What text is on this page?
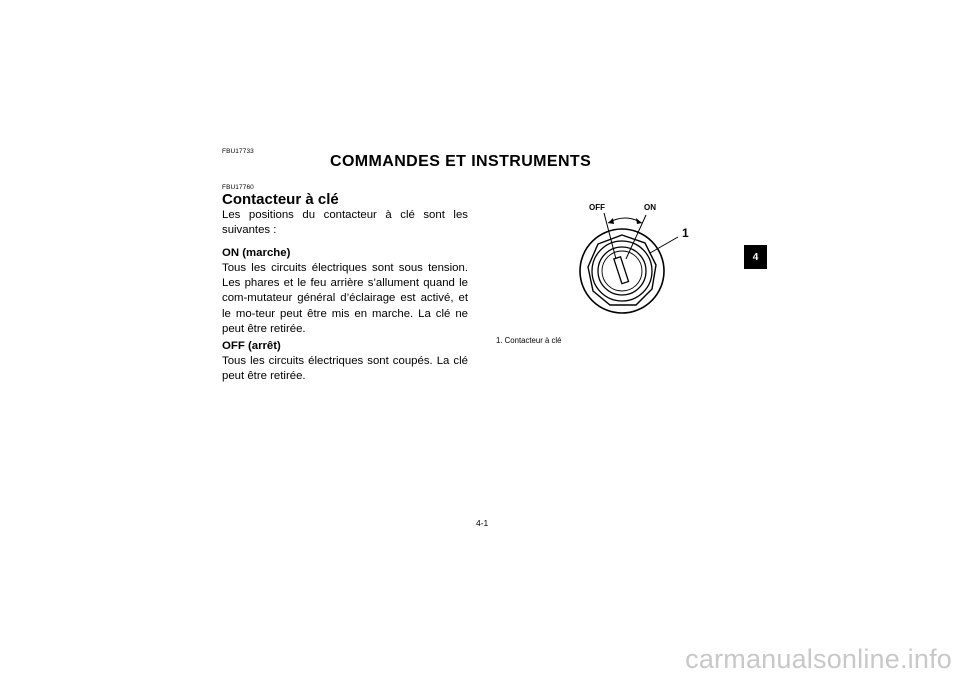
FBU17733
COMMANDES ET INSTRUMENTS
FBU17760
Contacteur à clé
Les positions du contacteur à clé sont les suivantes :
ON (marche)
Tous les circuits électriques sont sous tension. Les phares et le feu arrière s’allument quand le com-mutateur général d’éclairage est activé, et le mo-teur peut être mis en marche. La clé ne peut être retirée.
OFF (arrêt)
Tous les circuits électriques sont coupés. La clé peut être retirée.
OFF	ON
1
1. Contacteur à clé
4
4-1
carmanualsonline.info
